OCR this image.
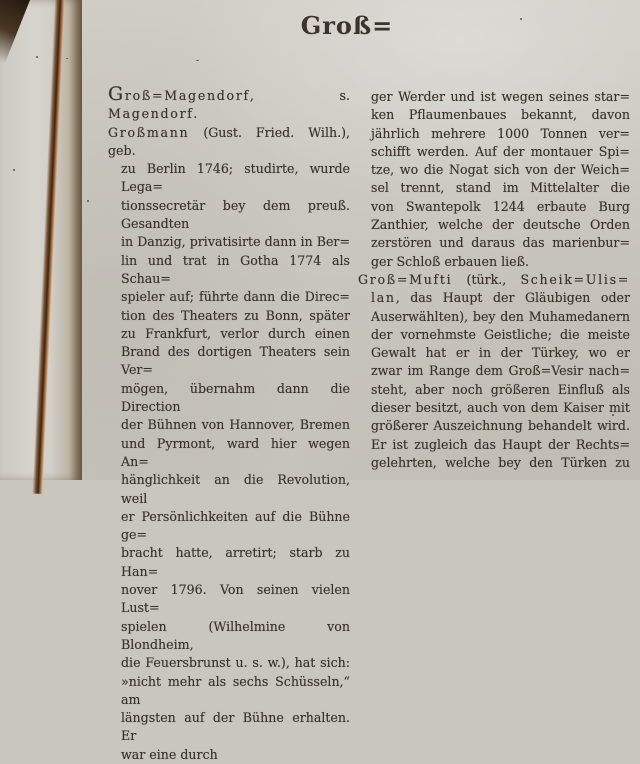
Groß=
Groß=Magendorf, s. Magendorf.
Großmann (Gust. Fried. Wilh.), geb.
zu Berlin 1746; studirte, wurde Lega=
tionssecretär bey dem preuß. Gesandten
in Danzig, privatisirte dann in Ber=
lin und trat in Gotha 1774 als Schau=
spieler auf; führte dann die Direc=
tion des Theaters zu Bonn, später
zu Frankfurt, verlor durch einen
Brand des dortigen Theaters sein Ver=
mögen, übernahm dann die Direction
der Bühnen von Hannover, Bremen
und Pyrmont, ward hier wegen An=
hänglichkeit an die Revolution, weil
er Persönlichkeiten auf die Bühne ge=
bracht hatte, arretirt; starb zu Han=
nover 1796. Von seinen vielen Lust=
spielen (Wilhelmine von Blondheim,
die Feuersbrunst u. s. w.), hat sich:
»nicht mehr als sechs Schüsseln,“ am
längsten auf der Bühne erhalten. Er
war eine durch
ger Werder und ist wegen seines star=
ken Pflaumenbaues bekannt, davon
jährlich mehrere 1000 Tonnen ver=
schifft werden. Auf der montauer Spi=
tze, wo die Nogat sich von der Weich=
sel trennt, stand im Mittelalter die
von Swantepolk 1244 erbaute Burg
Zanthier, welche der deutsche Orden
zerstören und daraus das marienbur=
ger Schloß erbauen ließ.
Groß=Mufti (türk., Scheik=Ulis=
lan, das Haupt der Gläubigen oder
Auserwählten), bey den Muhamedanern
der vornehmste Geistliche; die meiste
Gewalt hat er in der Türkey, wo er
zwar im Range dem Groß=Vesir nach=
steht, aber noch größeren Einfluß als
dieser besitzt, auch von dem Kaiser mit
größerer Auszeichnung behandelt wird.
Er ist zugleich das Haupt der Rechts=
gelehrten, welche bey den Türken zu
